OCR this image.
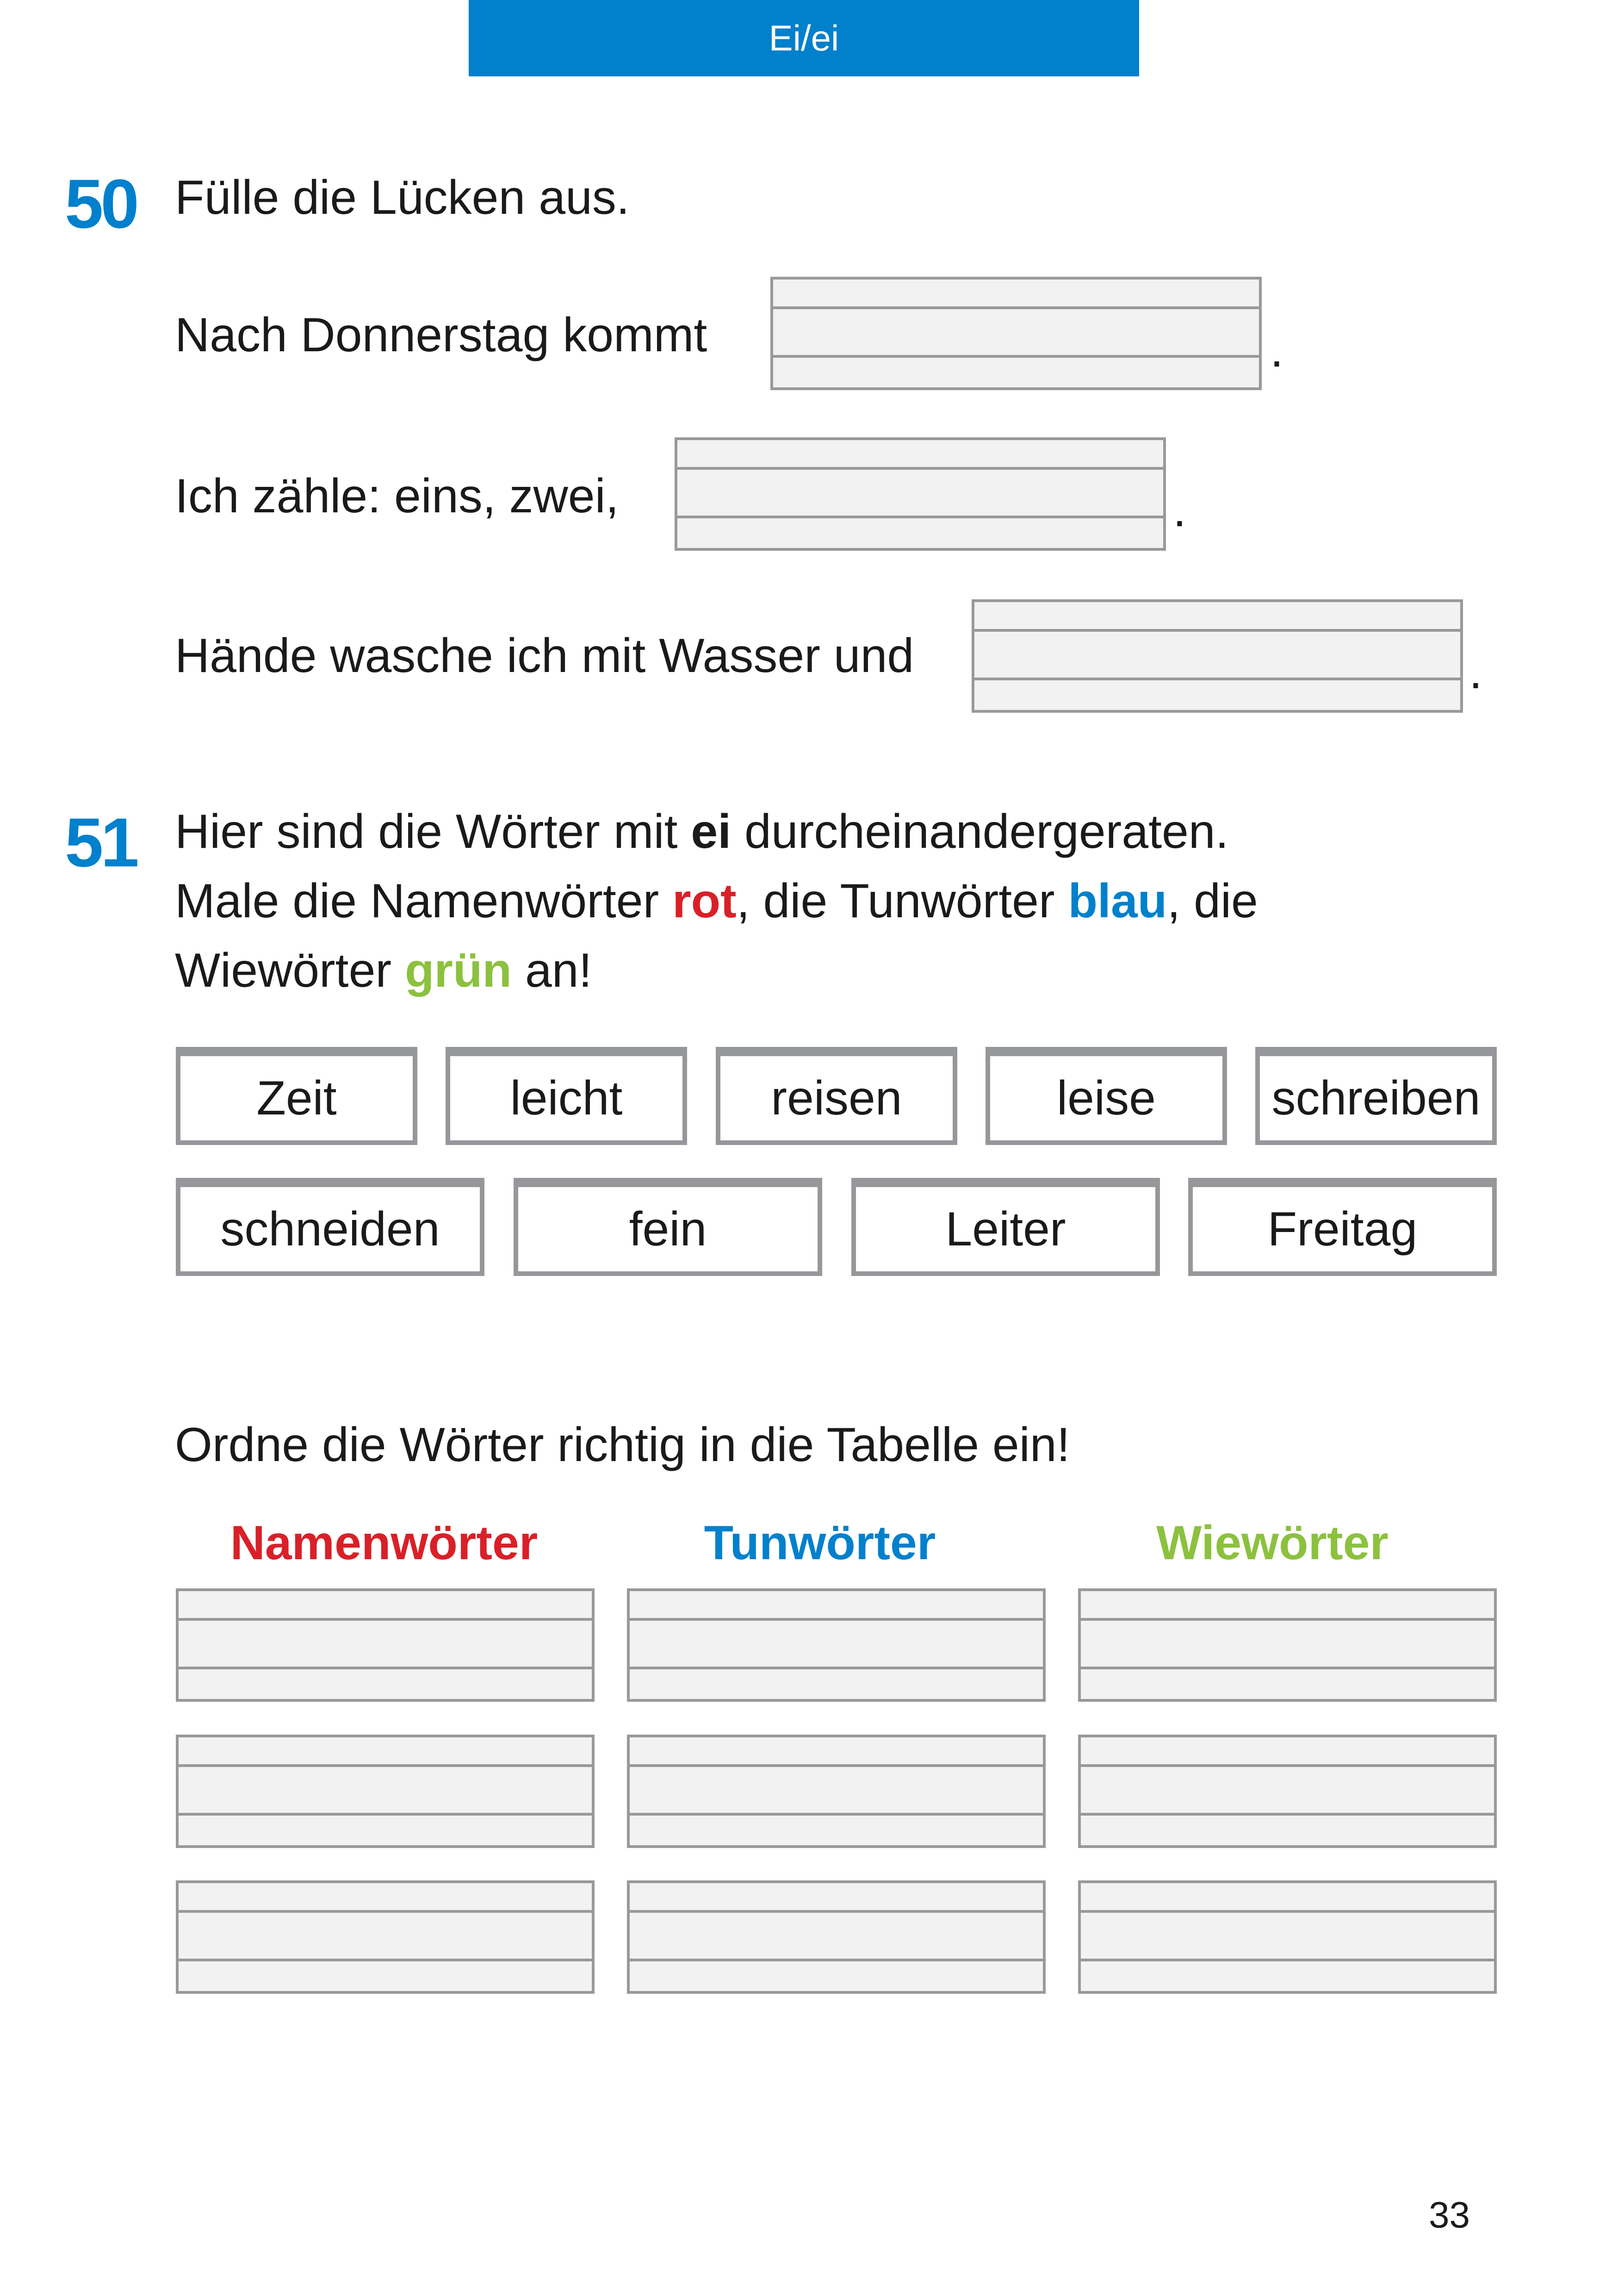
Ei/ei
50 Fülle die Lücken aus.
Nach Donnerstag kommt	.
Ich zähle: eins, zwei,	.
Hände wasche ich mit Wasser und	.
51 Hier sind die Wörter mit ei durcheinandergeraten.
Male die Namenwörter rot, die Tunwörter blau, die
Wiewörter grün an!
Zeit	leicht	reisen	leise schreiben
schneiden	fein	Leiter	Freitag
Ordne die Wörter richtig in die Tabelle ein!
Namenwörter	Tunwörter	Wiewörter
33
